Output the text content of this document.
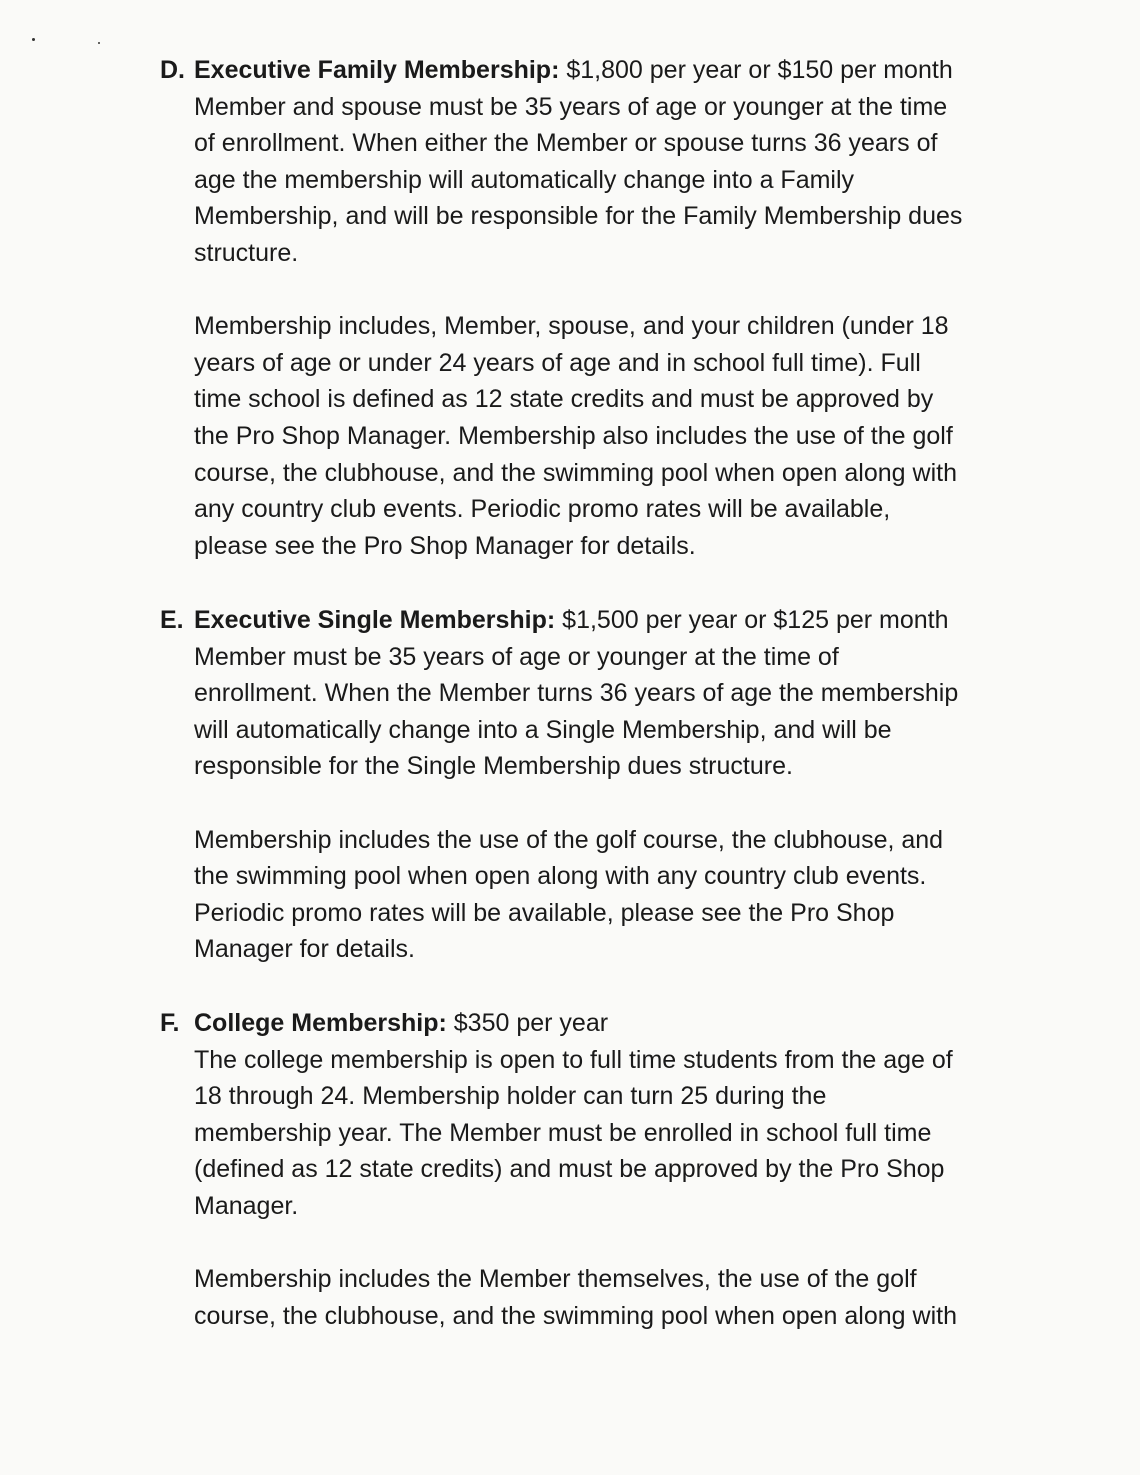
D. Executive Family Membership: $1,800 per year or $150 per month

Member and spouse must be 35 years of age or younger at the time
of enrollment. When either the Member or spouse turns 36 years of
age the membership will automatically change into a Family
Membership, and will be responsible for the Family Membership dues
structure.

Membership includes, Member, spouse, and your children (under 18
years of age or under 24 years of age and in school full time). Full
time school is defined as 12 state credits and must be approved by
the Pro Shop Manager. Membership also includes the use of the golf
course, the clubhouse, and the swimming pool when open along with
any country club events. Periodic promo rates will be available,
please see the Pro Shop Manager for details.

E. Executive Single Membership: $1,500 per year or $125 per month

Member must be 35 years of age or younger at the time of
enrollment. When the Member turns 36 years of age the membership
will automatically change into a Single Membership, and will be
responsible for the Single Membership dues structure.

Membership includes the use of the golf course, the clubhouse, and
the swimming pool when open along with any country club events.
Periodic promo rates will be available, please see the Pro Shop
Manager for details.

F. College Membership: $350 per year

The college membership is open to full time students from the age of
18 through 24. Membership holder can turn 25 during the
membership year. The Member must be enrolled in school full time
(defined as 12 state credits) and must be approved by the Pro Shop
Manager.

Membership includes the Member themselves, the use of the golf
course, the clubhouse, and the swimming pool when open along with
